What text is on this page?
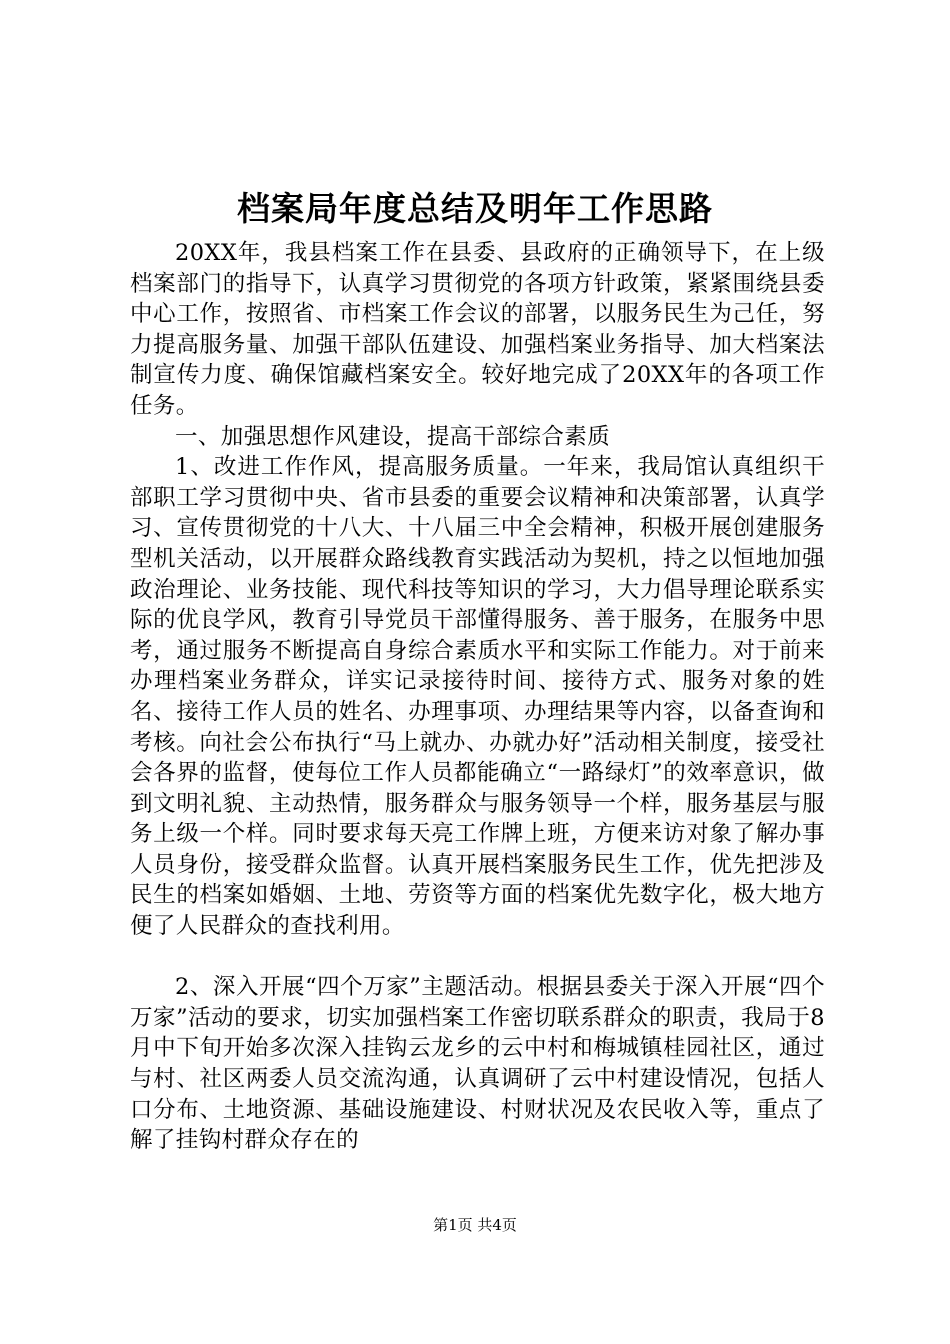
档案局年度总结及明年工作思路

20XX年，我县档案工作在县委、县政府的正确领导下，在上级档案部门的指导下，认真学习贯彻党的各项方针政策，紧紧围绕县委中心工作，按照省、市档案工作会议的部署，以服务民生为己任，努力提高服务量、加强干部队伍建设、加强档案业务指导、加大档案法制宣传力度、确保馆藏档案安全。较好地完成了20XX年的各项工作任务。

一、加强思想作风建设，提高干部综合素质

1、改进工作作风，提高服务质量。一年来，我局馆认真组织干部职工学习贯彻中央、省市县委的重要会议精神和决策部署，认真学习、宣传贯彻党的十八大、十八届三中全会精神，积极开展创建服务型机关活动，以开展群众路线教育实践活动为契机，持之以恒地加强政治理论、业务技能、现代科技等知识的学习，大力倡导理论联系实际的优良学风，教育引导党员干部懂得服务、善于服务，在服务中思考，通过服务不断提高自身综合素质水平和实际工作能力。对于前来办理档案业务群众，详实记录接待时间、接待方式、服务对象的姓名、接待工作人员的姓名、办理事项、办理结果等内容，以备查询和考核。向社会公布执行“马上就办、办就办好”活动相关制度，接受社会各界的监督，使每位工作人员都能确立“一路绿灯”的效率意识，做到文明礼貌、主动热情，服务群众与服务领导一个样，服务基层与服务上级一个样。同时要求每天亮工作牌上班，方便来访对象了解办事人员身份，接受群众监督。认真开展档案服务民生工作，优先把涉及民生的档案如婚姻、土地、劳资等方面的档案优先数字化，极大地方便了人民群众的查找利用。

2、深入开展“四个万家”主题活动。根据县委关于深入开展“四个万家”活动的要求，切实加强档案工作密切联系群众的职责，我局于8月中下旬开始多次深入挂钩云龙乡的云中村和梅城镇桂园社区，通过与村、社区两委人员交流沟通，认真调研了云中村建设情况，包括人口分布、土地资源、基础设施建设、村财状况及农民收入等，重点了解了挂钩村群众存在的

第1页 共4页
